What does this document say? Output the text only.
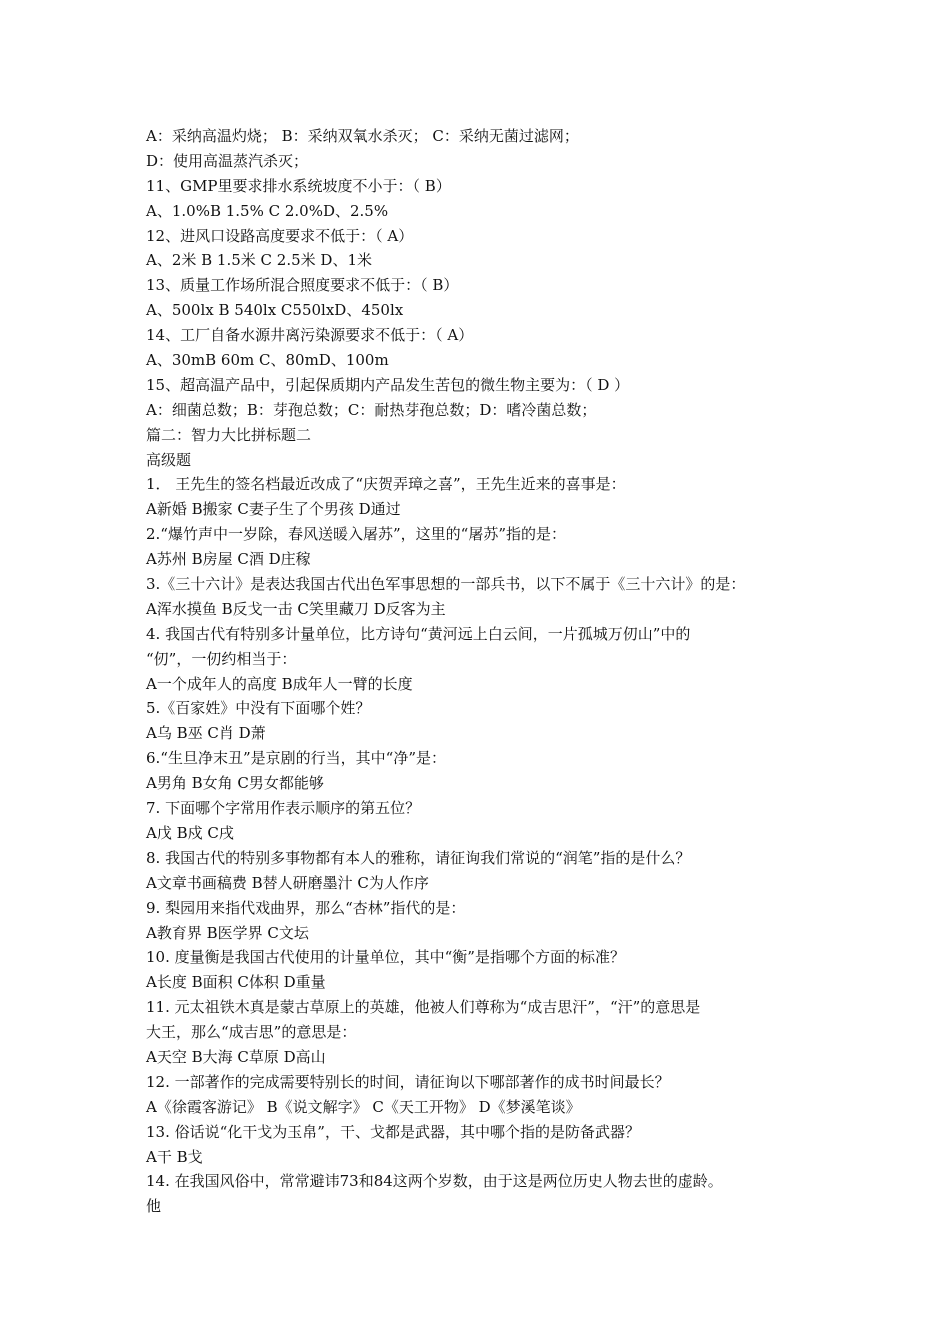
A：采纳高温灼烧； B：采纳双氧水杀灭； C：采纳无菌过滤网；
D：使用高温蒸汽杀灭；
11、GMP里要求排水系统坡度不小于：（ B）
A、1.0%B 1.5% C 2.0%D、2.5%
12、进风口设路高度要求不低于：（ A）
A、2米 B 1.5米 C 2.5米 D、1米
13、质量工作场所混合照度要求不低于：（ B）
A、500lx B 540lx C550lxD、450lx
14、工厂自备水源井离污染源要求不低于：（ A）
A、30mB 60m C、80mD、100m
15、超高温产品中，引起保质期内产品发生苦包的微生物主要为：（ D ）
A：细菌总数；B：芽孢总数；C：耐热芽孢总数；D：嗜冷菌总数；
篇二：智力大比拼标题二
高级题
1． 王先生的签名档最近改成了“庆贺弄璋之喜”，王先生近来的喜事是：
A新婚 B搬家 C妻子生了个男孩 D通过
2.“爆竹声中一岁除，春风送暖入屠苏”，这里的“屠苏”指的是：
A苏州 B房屋 C酒 D庄稼
3.《三十六计》是表达我国古代出色军事思想的一部兵书，以下不属于《三十六计》的是：
A浑水摸鱼 B反戈一击 C笑里藏刀 D反客为主
4. 我国古代有特别多计量单位，比方诗句“黄河远上白云间，一片孤城万仞山”中的
“仞”，一仞约相当于：
A一个成年人的高度 B成年人一臂的长度
5.《百家姓》中没有下面哪个姓？
A乌 B巫 C肖 D萧
6.“生旦净末丑”是京剧的行当，其中“净”是：
A男角 B女角 C男女都能够
7. 下面哪个字常用作表示顺序的第五位？
A戊 B戍 C戌
8. 我国古代的特别多事物都有本人的雅称，请征询我们常说的“润笔”指的是什么？
A文章书画稿费 B替人研磨墨汁 C为人作序
9. 梨园用来指代戏曲界，那么“杏林”指代的是：
A教育界 B医学界 C文坛
10. 度量衡是我国古代使用的计量单位，其中“衡”是指哪个方面的标准？
A长度 B面积 C体积 D重量
11. 元太祖铁木真是蒙古草原上的英雄，他被人们尊称为“成吉思汗”，“汗”的意思是
大王，那么“成吉思”的意思是：
A天空 B大海 C草原 D高山
12. 一部著作的完成需要特别长的时间，请征询以下哪部著作的成书时间最长？
A《徐霞客游记》 B《说文解字》 C《天工开物》 D《梦溪笔谈》
13. 俗话说“化干戈为玉帛”，干、戈都是武器，其中哪个指的是防备武器？
A干 B戈
14. 在我国风俗中，常常避讳73和84这两个岁数，由于这是两位历史人物去世的虚龄。
他
